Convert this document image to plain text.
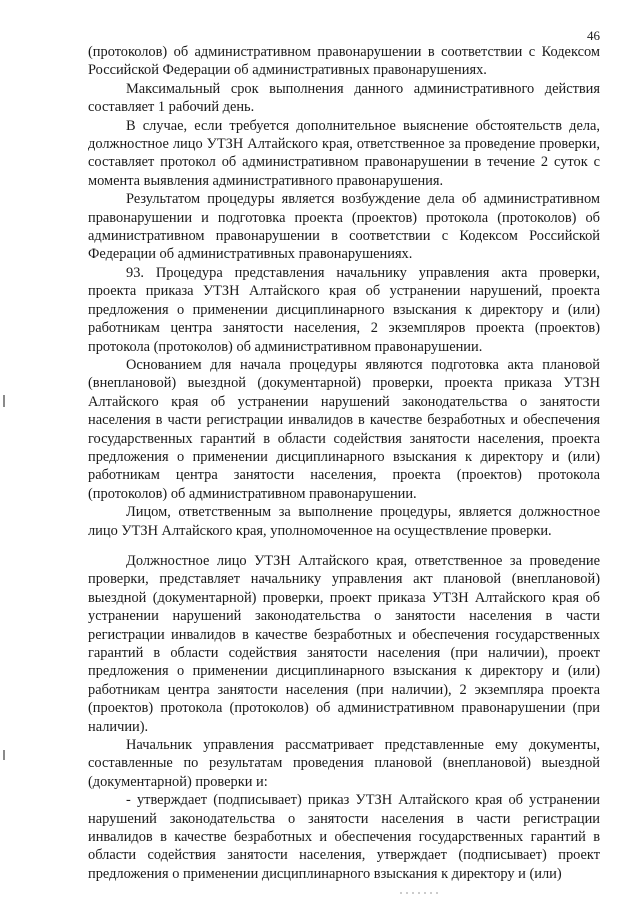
46

(протоколов) об административном правонарушении в соответствии с Кодексом Российской Федерации об административных правонарушениях.

Максимальный срок выполнения данного административного действия составляет 1 рабочий день.

В случае, если требуется дополнительное выяснение обстоятельств дела, должностное лицо УТЗН Алтайского края, ответственное за проведение проверки, составляет протокол об административном правонарушении в течение 2 суток с момента выявления административного правонарушения.

Результатом процедуры является возбуждение дела об административном правонарушении и подготовка проекта (проектов) протокола (протоколов) об административном правонарушении в соответствии с Кодексом Российской Федерации об административных правонарушениях.

93. Процедура представления начальнику управления акта проверки, проекта приказа УТЗН Алтайского края об устранении нарушений, проекта предложения о применении дисциплинарного взыскания к директору и (или) работникам центра занятости населения, 2 экземпляров проекта (проектов) протокола (протоколов) об административном правонарушении.

Основанием для начала процедуры являются подготовка акта плановой (внеплановой) выездной (документарной) проверки, проекта приказа УТЗН Алтайского края об устранении нарушений законодательства о занятости населения в части регистрации инвалидов в качестве безработных и обеспечения государственных гарантий в области содействия занятости населения, проекта предложения о применении дисциплинарного взыскания к директору и (или) работникам центра занятости населения, проекта (проектов) протокола (протоколов) об административном правонарушении.

Лицом, ответственным за выполнение процедуры, является должностное лицо УТЗН Алтайского края, уполномоченное на осуществление проверки.

Должностное лицо УТЗН Алтайского края, ответственное за проведение проверки, представляет начальнику управления акт плановой (внеплановой) выездной (документарной) проверки, проект приказа УТЗН Алтайского края об устранении нарушений законодательства о занятости населения в части регистрации инвалидов в качестве безработных и обеспечения государственных гарантий в области содействия занятости населения (при наличии), проект предложения о применении дисциплинарного взыскания к директору и (или) работникам центра занятости населения (при наличии), 2 экземпляра проекта (проектов) протокола (протоколов) об административном правонарушении (при наличии).

Начальник управления рассматривает представленные ему документы, составленные по результатам проведения плановой (внеплановой) выездной (документарной) проверки и:

- утверждает (подписывает) приказ УТЗН Алтайского края об устранении нарушений законодательства о занятости населения в части регистрации инвалидов в качестве безработных и обеспечения государственных гарантий в области содействия занятости населения, утверждает (подписывает) проект предложения о применении дисциплинарного взыскания к директору и (или)
